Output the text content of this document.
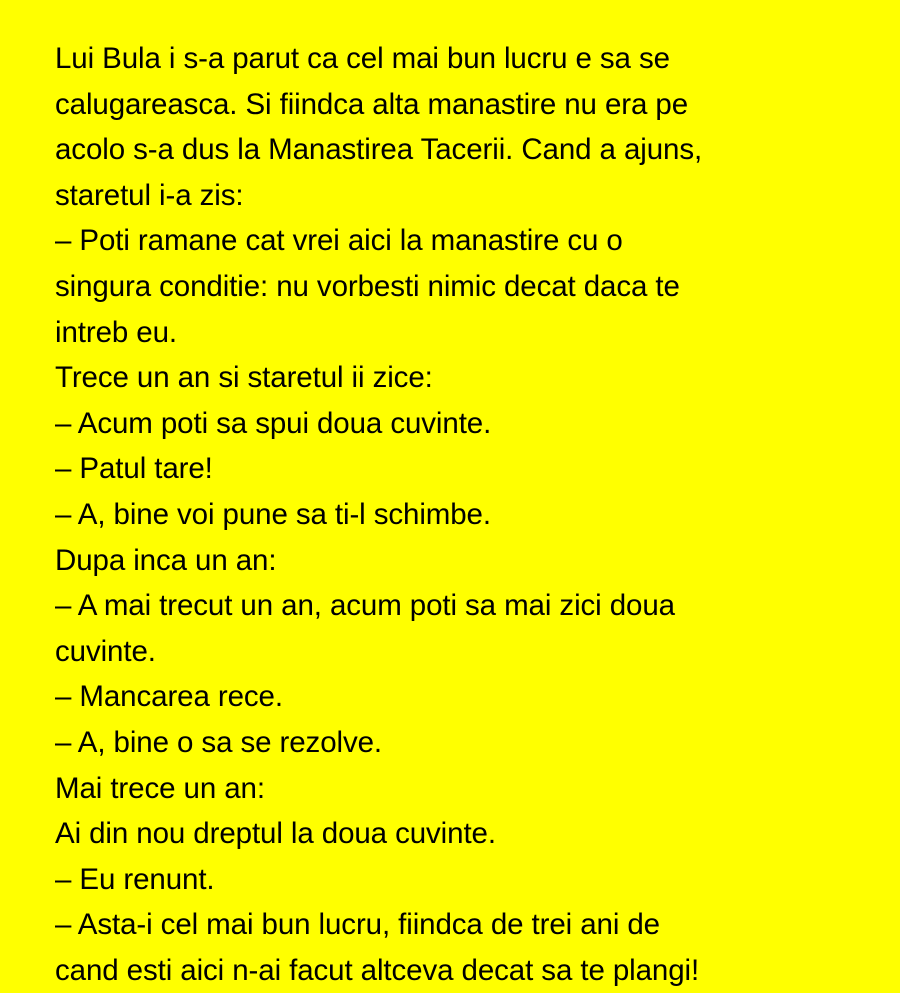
Lui Bula i s-a parut ca cel mai bun lucru e sa se
calugareasca. Si fiindca alta manastire nu era pe
acolo s-a dus la Manastirea Tacerii. Cand a ajuns,
staretul i-a zis:
– Poti ramane cat vrei aici la manastire cu o
singura conditie: nu vorbesti nimic decat daca te
intreb eu.
Trece un an si staretul ii zice:
– Acum poti sa spui doua cuvinte.
– Patul tare!
– A, bine voi pune sa ti-l schimbe.
Dupa inca un an:
– A mai trecut un an, acum poti sa mai zici doua
cuvinte.
– Mancarea rece.
– A, bine o sa se rezolve.
Mai trece un an:
Ai din nou dreptul la doua cuvinte.
– Eu renunt.
– Asta-i cel mai bun lucru, fiindca de trei ani de
cand esti aici n-ai facut altceva decat sa te plangi!
